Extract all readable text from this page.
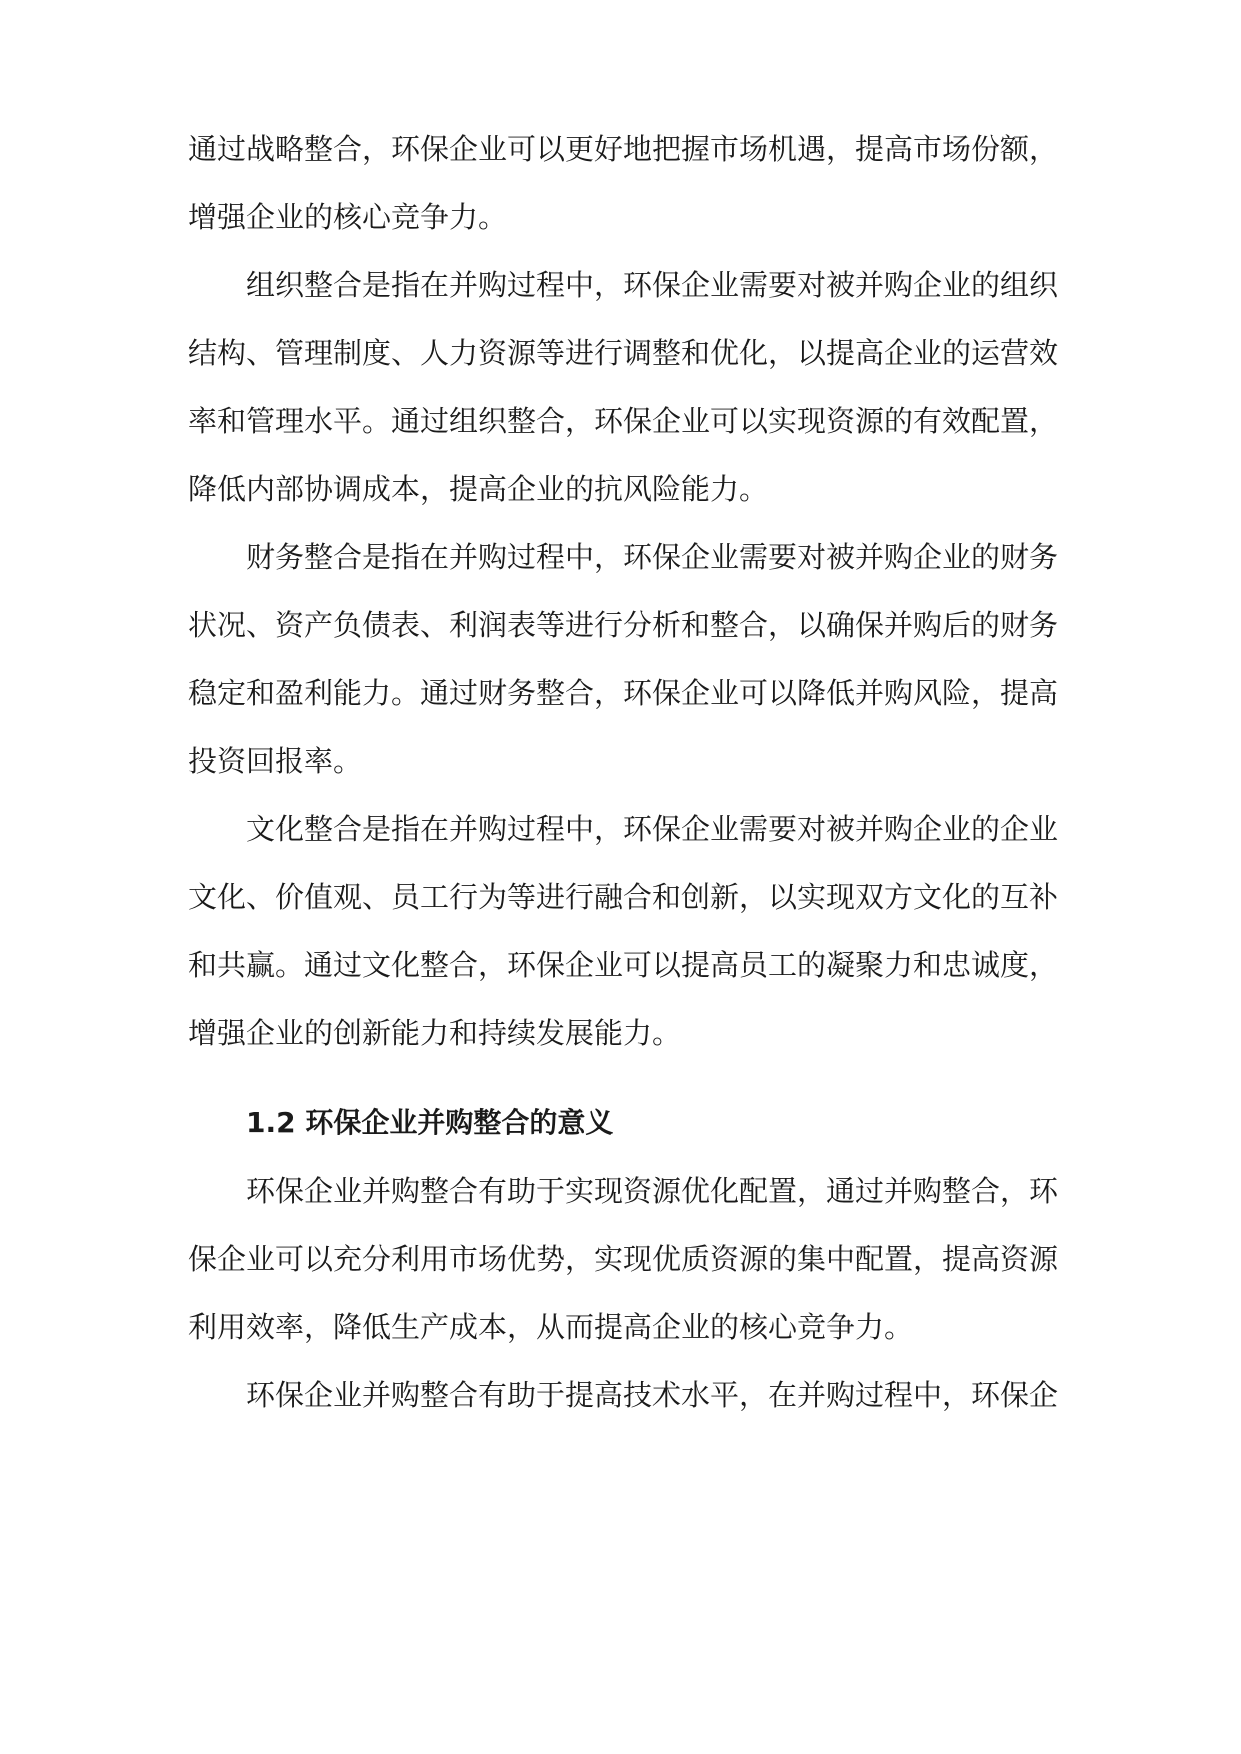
通过战略整合，环保企业可以更好地把握市场机遇，提高市场份额，
增强企业的核心竞争力。
组织整合是指在并购过程中，环保企业需要对被并购企业的组织
结构、管理制度、人力资源等进行调整和优化，以提高企业的运营效
率和管理水平。通过组织整合，环保企业可以实现资源的有效配置，
降低内部协调成本，提高企业的抗风险能力。
财务整合是指在并购过程中，环保企业需要对被并购企业的财务
状况、资产负债表、利润表等进行分析和整合，以确保并购后的财务
稳定和盈利能力。通过财务整合，环保企业可以降低并购风险，提高
投资回报率。
文化整合是指在并购过程中，环保企业需要对被并购企业的企业
文化、价值观、员工行为等进行融合和创新，以实现双方文化的互补
和共赢。通过文化整合，环保企业可以提高员工的凝聚力和忠诚度，
增强企业的创新能力和持续发展能力。
1.2 环保企业并购整合的意义
环保企业并购整合有助于实现资源优化配置，通过并购整合，环
保企业可以充分利用市场优势，实现优质资源的集中配置，提高资源
利用效率，降低生产成本，从而提高企业的核心竞争力。
环保企业并购整合有助于提高技术水平，在并购过程中，环保企
